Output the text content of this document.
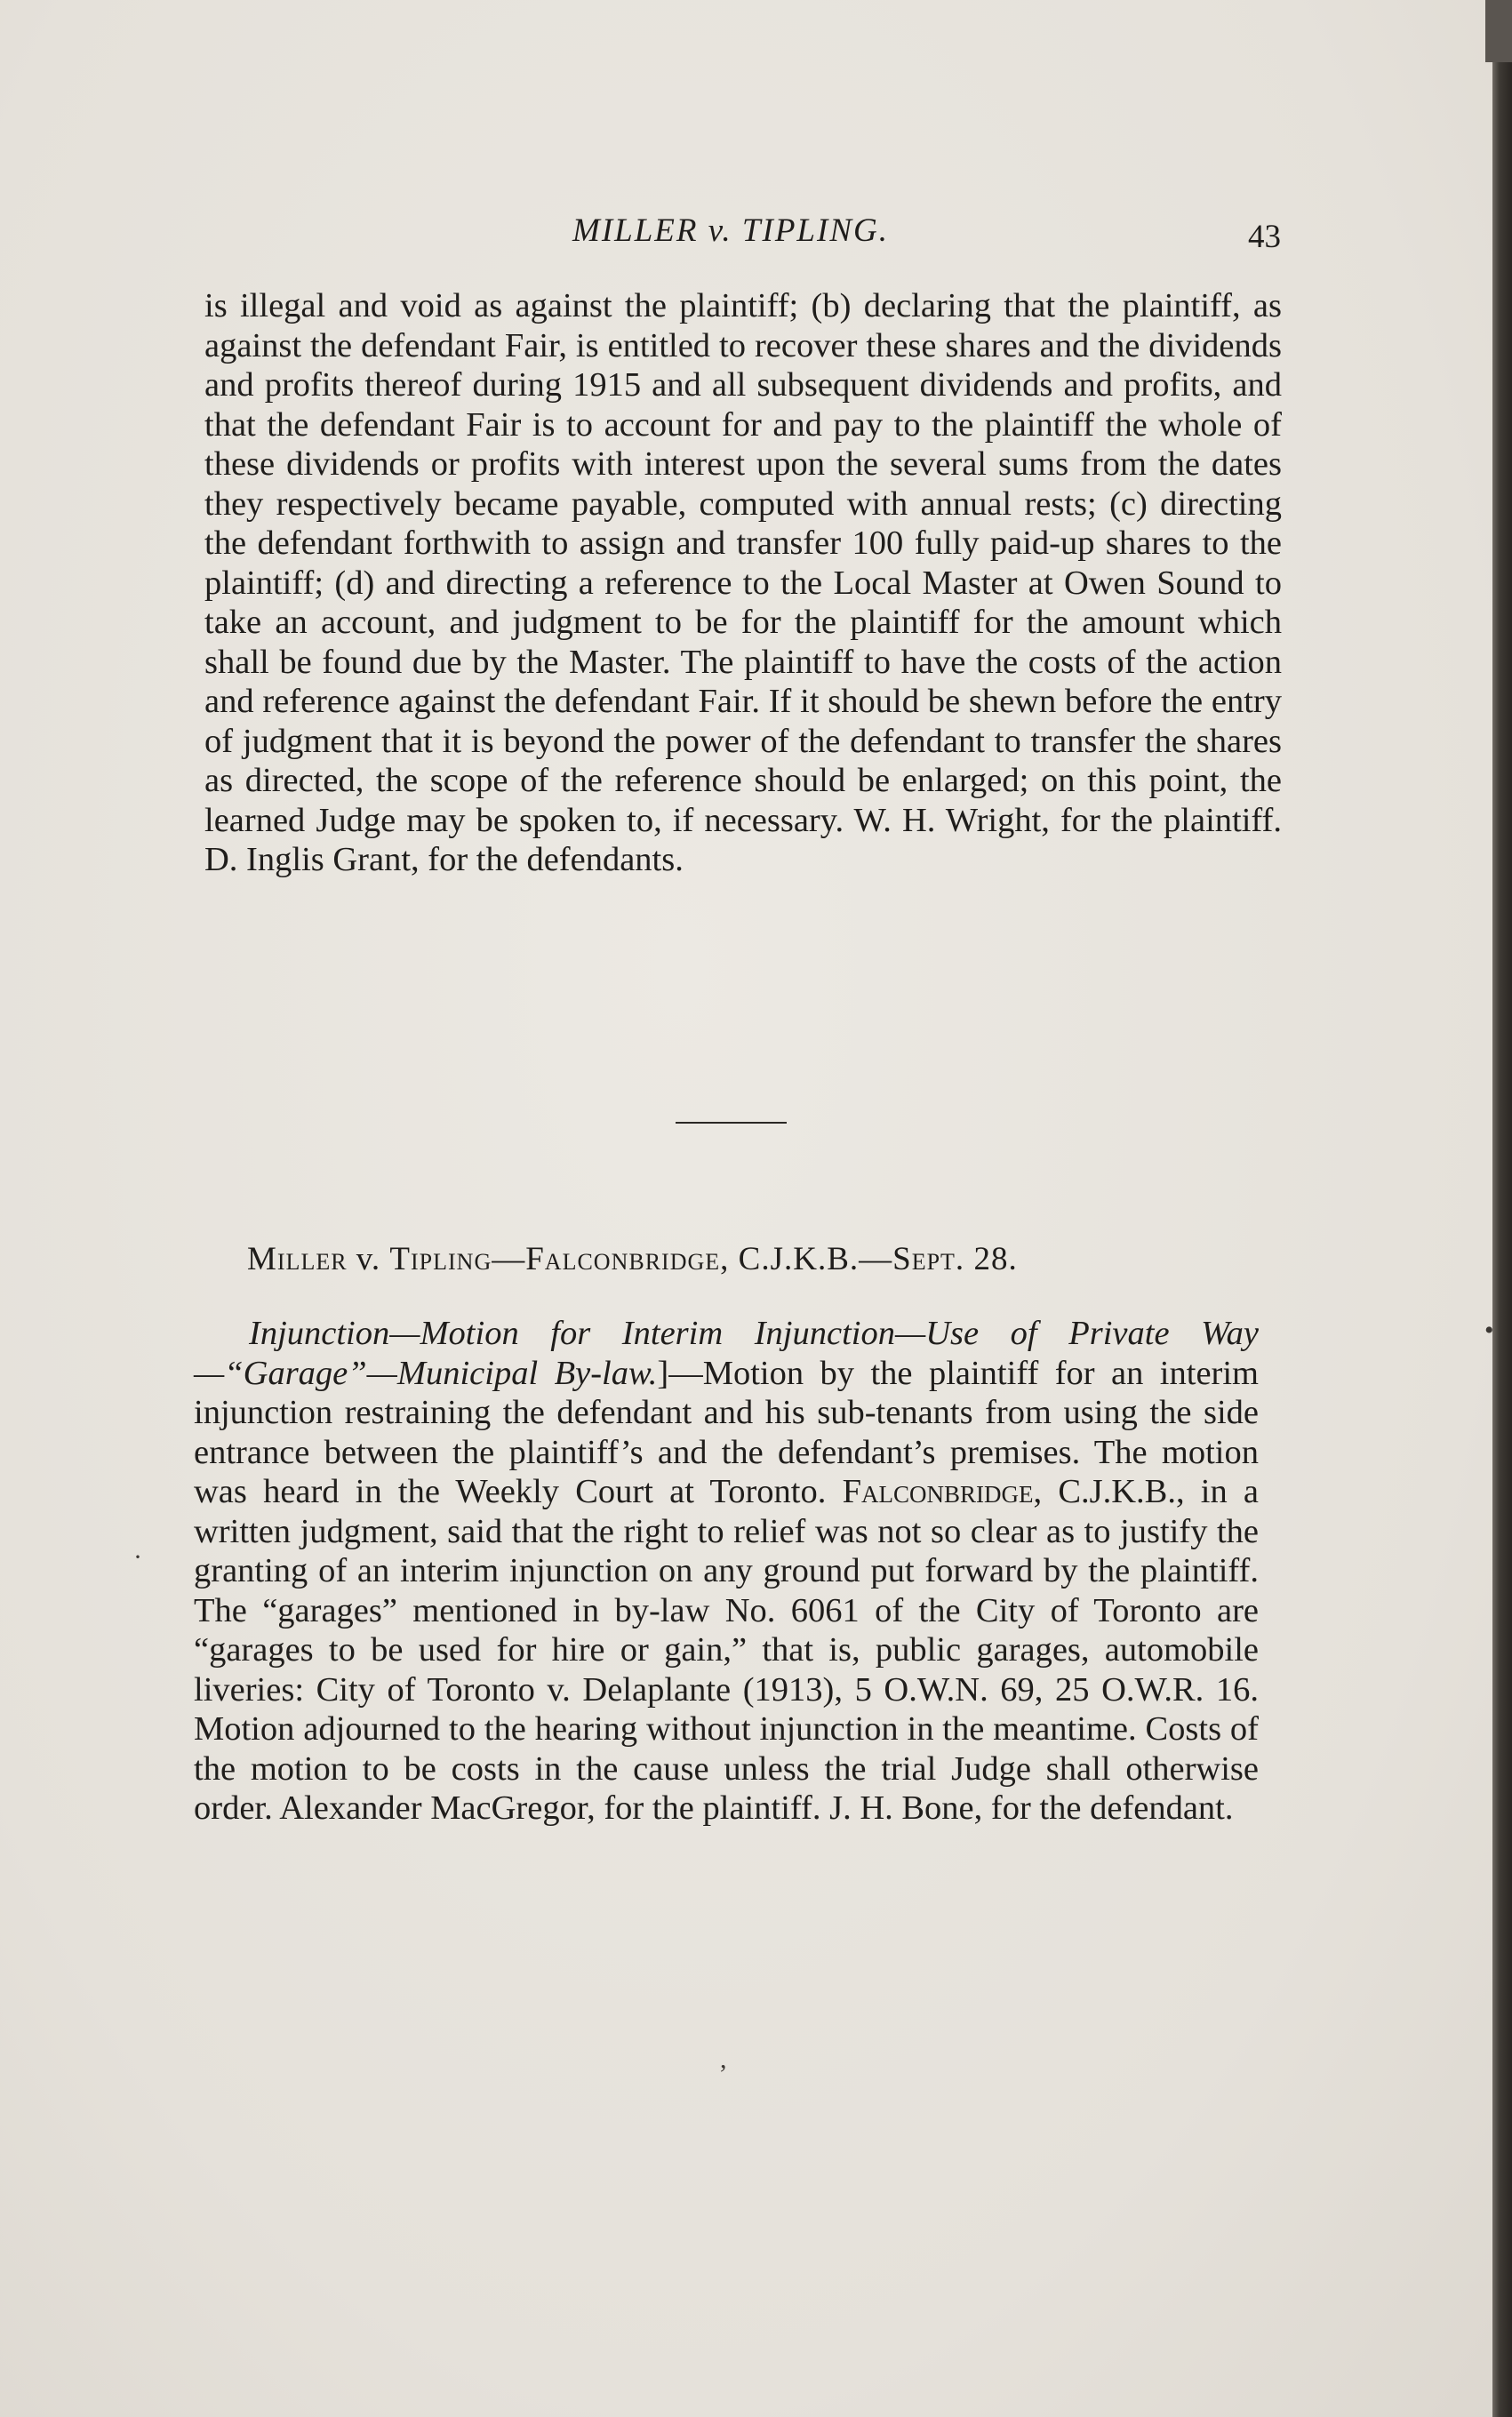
MILLER v. TIPLING.	43
is illegal and void as against the plaintiff; (b) declaring that the plaintiff, as against the defendant Fair, is entitled to recover these shares and the dividends and profits thereof during 1915 and all subsequent dividends and profits, and that the defendant Fair is to account for and pay to the plaintiff the whole of these dividends or profits with interest upon the several sums from the dates they respectively became payable, computed with annual rests; (c) directing the defendant forthwith to assign and transfer 100 fully paid-up shares to the plaintiff; (d) and directing a reference to the Local Master at Owen Sound to take an account, and judgment to be for the plaintiff for the amount which shall be found due by the Master. The plaintiff to have the costs of the action and reference against the defendant Fair. If it should be shewn before the entry of judgment that it is beyond the power of the defendant to transfer the shares as directed, the scope of the reference should be enlarged; on this point, the learned Judge may be spoken to, if necessary. W. H. Wright, for the plaintiff. D. Inglis Grant, for the defendants.
Miller v. Tipling—Falconbridge, C.J.K.B.—Sept. 28.
Injunction—Motion for Interim Injunction—Use of Private Way—“Garage”—Municipal By-law.]—Motion by the plaintiff for an interim injunction restraining the defendant and his sub-tenants from using the side entrance between the plaintiff’s and the defendant’s premises. The motion was heard in the Weekly Court at Toronto. Falconbridge, C.J.K.B., in a written judgment, said that the right to relief was not so clear as to justify the granting of an interim injunction on any ground put forward by the plaintiff. The “garages” mentioned in by-law No. 6061 of the City of Toronto are “garages to be used for hire or gain,” that is, public garages, automobile liveries: City of Toronto v. Delaplante (1913), 5 O.W.N. 69, 25 O.W.R. 16. Motion adjourned to the hearing without injunction in the meantime. Costs of the motion to be costs in the cause unless the trial Judge shall otherwise order. Alexander MacGregor, for the plaintiff. J. H. Bone, for the defendant.
•
·
,
